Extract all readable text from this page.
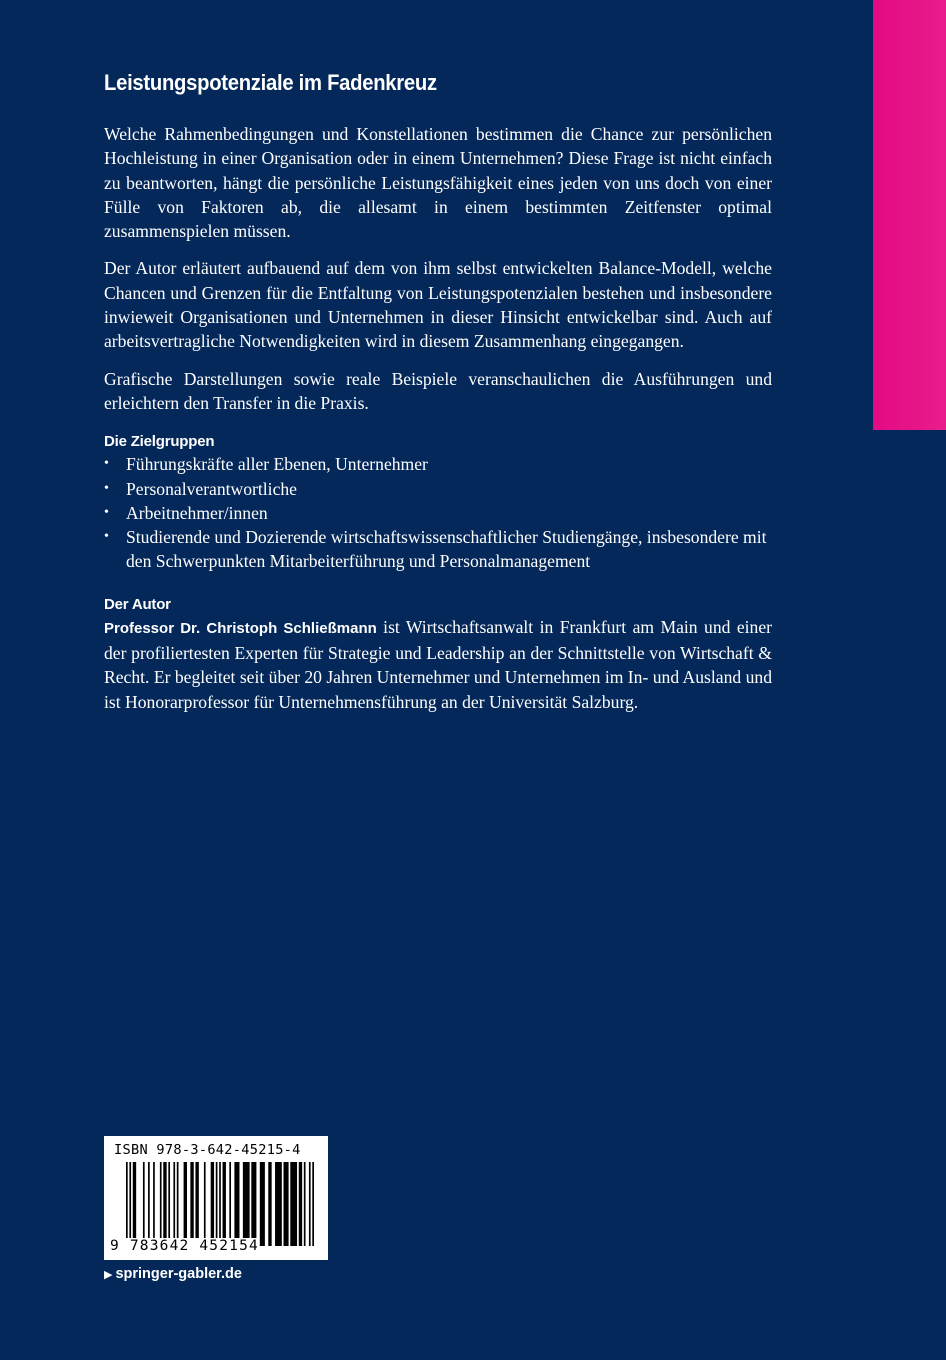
Leistungspotenziale im Fadenkreuz

Welche Rahmenbedingungen und Konstellationen bestimmen die Chance zur persönlichen Hochleistung in einer Organisation oder in einem Unternehmen? Diese Frage ist nicht einfach zu beantworten, hängt die persönliche Leistungsfähigkeit eines jeden von uns doch von einer Fülle von Faktoren ab, die allesamt in einem bestimmten Zeitfenster optimal zusammenspielen müssen.

Der Autor erläutert aufbauend auf dem von ihm selbst entwickelten Balance-Modell, welche Chancen und Grenzen für die Entfaltung von Leistungspotenzialen bestehen und insbesondere inwieweit Organisationen und Unternehmen in dieser Hinsicht entwickelbar sind. Auch auf arbeitsvertragliche Notwendigkeiten wird in diesem Zusammenhang eingegangen.

Grafische Darstellungen sowie reale Beispiele veranschaulichen die Ausführungen und erleichtern den Transfer in die Praxis.

Die Zielgruppen
• Führungskräfte aller Ebenen, Unternehmer
• Personalverantwortliche
• Arbeitnehmer/innen
• Studierende und Dozierende wirtschaftswissenschaftlicher Studiengänge, insbesondere mit den Schwerpunkten Mitarbeiterführung und Personalmanagement
Der Autor

Professor Dr. Christoph Schließmann ist Wirtschaftsanwalt in Frankfurt am Main und einer der profiliertesten Experten für Strategie und Leadership an der Schnittstelle von Wirtschaft & Recht. Er begleitet seit über 20 Jahren Unternehmer und Unternehmen im In- und Ausland und ist Honorarprofessor für Unternehmensführung an der Universität Salzburg.

ISBN 978-3-642-45215-4
9 783642 452154
▶ springer-gabler.de
